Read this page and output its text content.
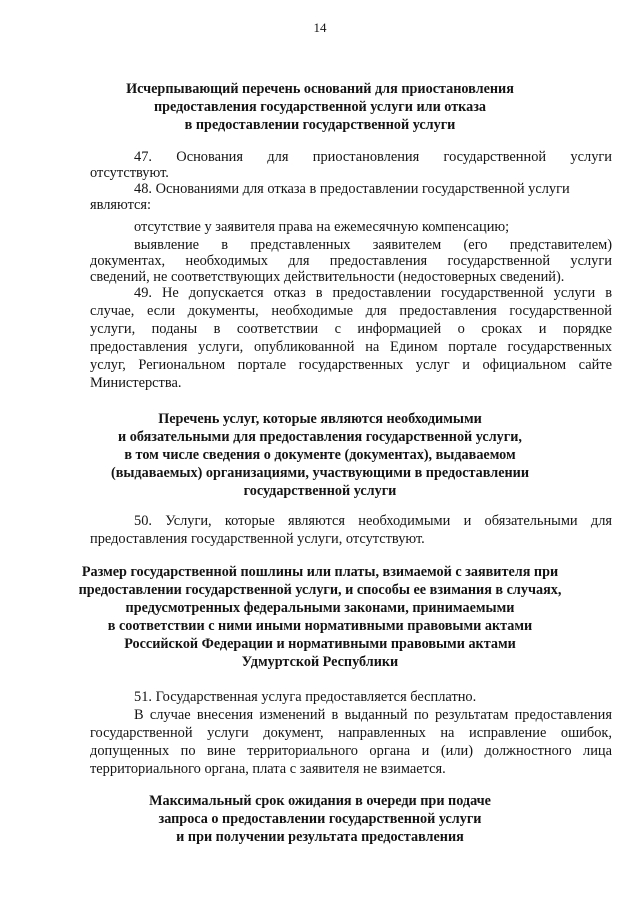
14
Исчерпывающий перечень оснований для приостановления
предоставления государственной услуги или отказа
в предоставлении государственной услуги
47. Основания для приостановления государственной услуги
отсутствуют.
48. Основаниями для отказа в предоставлении государственной услуги
являются:
отсутствие у заявителя права на ежемесячную компенсацию;
выявление в представленных заявителем (его представителем)
документах, необходимых для предоставления государственной услуги
сведений, не соответствующих действительности (недостоверных сведений).
49. Не допускается отказ в предоставлении государственной услуги в
случае, если документы, необходимые для предоставления государственной
услуги, поданы в соответствии с информацией о сроках и порядке
предоставления услуги, опубликованной на Едином портале государственных
услуг, Региональном портале государственных услуг и официальном сайте
Министерства.
Перечень услуг, которые являются необходимыми
и обязательными для предоставления государственной услуги,
в том числе сведения о документе (документах), выдаваемом
(выдаваемых) организациями, участвующими в предоставлении
государственной услуги
50. Услуги, которые являются необходимыми и обязательными для
предоставления государственной услуги, отсутствуют.
Размер государственной пошлины или платы, взимаемой с заявителя при
предоставлении государственной услуги, и способы ее взимания в случаях,
предусмотренных федеральными законами, принимаемыми
в соответствии с ними иными нормативными правовыми актами
Российской Федерации и нормативными правовыми актами
Удмуртской Республики
51. Государственная услуга предоставляется бесплатно.
В случае внесения изменений в выданный по результатам предоставления
государственной услуги документ, направленных на исправление ошибок,
допущенных по вине территориального органа и (или) должностного лица
территориального органа, плата с заявителя не взимается.
Максимальный срок ожидания в очереди при подаче
запроса о предоставлении государственной услуги
и при получении результата предоставления
